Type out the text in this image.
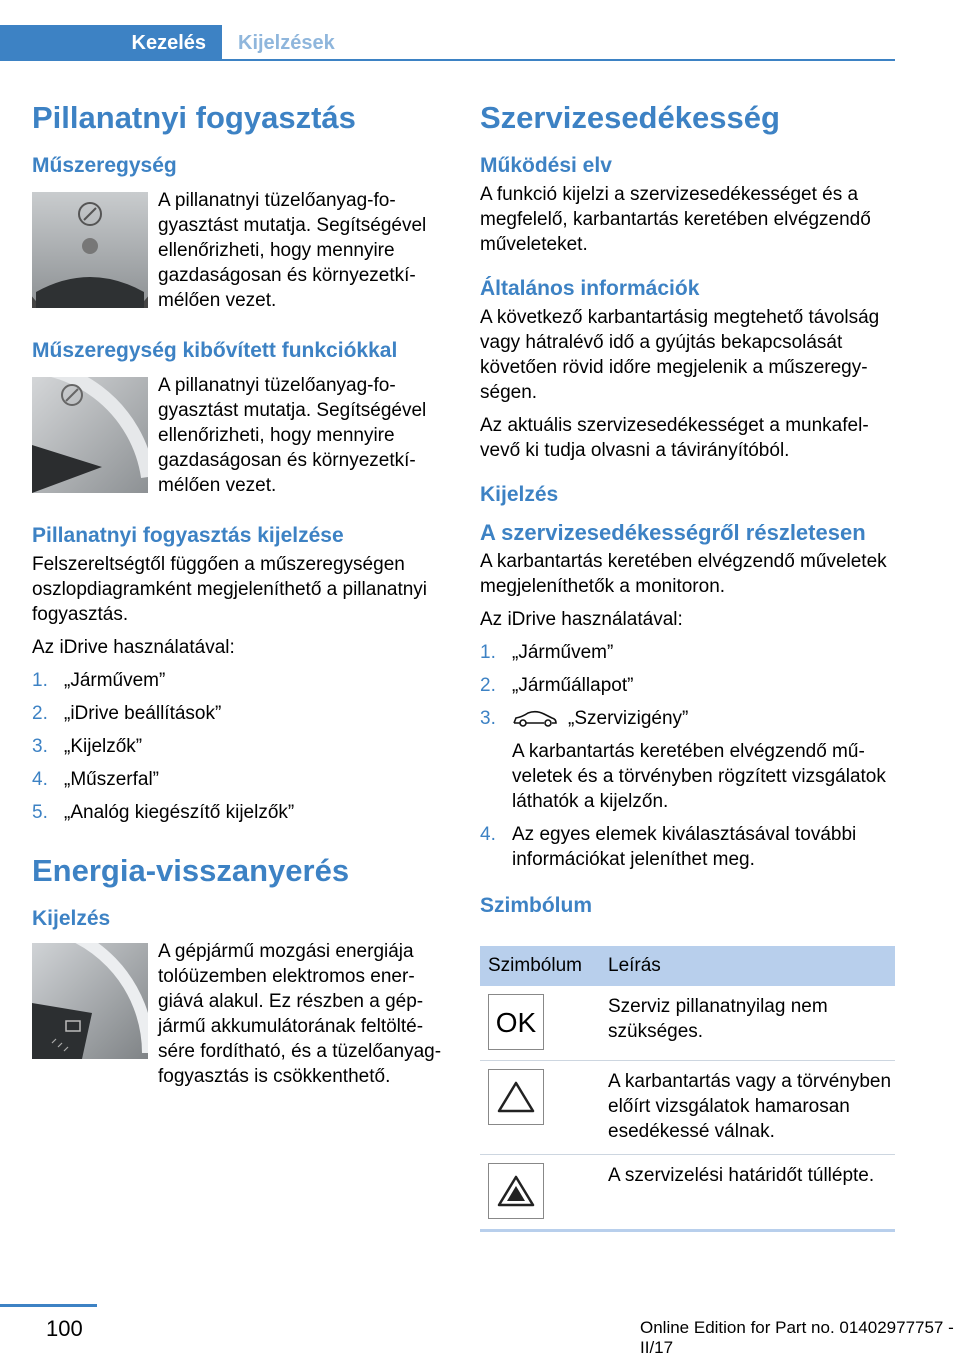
Kezelés	Kijelzések
Pillanatnyi fogyasztás
Műszeregység
A pillanatnyi tüzelőanyag-fogyasztást mutatja. Segítségével ellenőrizheti, hogy mennyire gazdaságosan és környezetkímélően vezet.
Műszeregység kibővített funkciókkal
A pillanatnyi tüzelőanyag-fogyasztást mutatja. Segítségével ellenőrizheti, hogy mennyire gazdaságosan és környezetkímélően vezet.
Pillanatnyi fogyasztás kijelzése

Felszereltségtől függően a műszeregységen oszlopdiagramként megjeleníthető a pillanatnyi fogyasztás.

Az iDrive használatával:

1. „Járművem”
2. „iDrive beállítások”
3. „Kijelzők”
4. „Műszerfal”
5. „Analóg kiegészítő kijelzők”
Energia-visszanyerés
Kijelzés
A gépjármű mozgási energiája tolóüzemben elektromos energiává alakul. Ez részben a gépjármű akkumulátorának feltöltésére fordítható, és a tüzelőanyag-fogyasztás is csökkenthető.
Szervizesedékesség
Működési elv

A funkció kijelzi a szervizesedékességet és a megfelelő, karbantartás keretében elvégzendő műveleteket.

Általános információk

A következő karbantartásig megtehető távolság vagy hátralévő idő a gyújtás bekapcsolását követően rövid időre megjelenik a műszeregységen.

Az aktuális szervizesedékességet a munkafelvevő ki tudja olvasni a távirányítóból.

Kijelzés
A szervizesedékességről részletesen

A karbantartás keretében elvégzendő műveletek megjeleníthetők a monitoron.

Az iDrive használatával:

1. „Járművem”
2. „Járműállapot”
3.	„Szervizigény”
A karbantartás keretében elvégzendő műveletek és a törvényben rögzített vizsgálatok láthatók a kijelzőn.
4. Az egyes elemek kiválasztásával további információkat jeleníthet meg.
Szimbólum
Szimbólum	Leírás

OK	Szerviz pillanatnyilag nem szükséges.

	A karbantartás vagy a törvényben előírt vizsgálatok hamarosan esedékessé válnak.

	A szervizelési határidőt túllépte.
100	Online Edition for Part no. 01402977757 - II/17
